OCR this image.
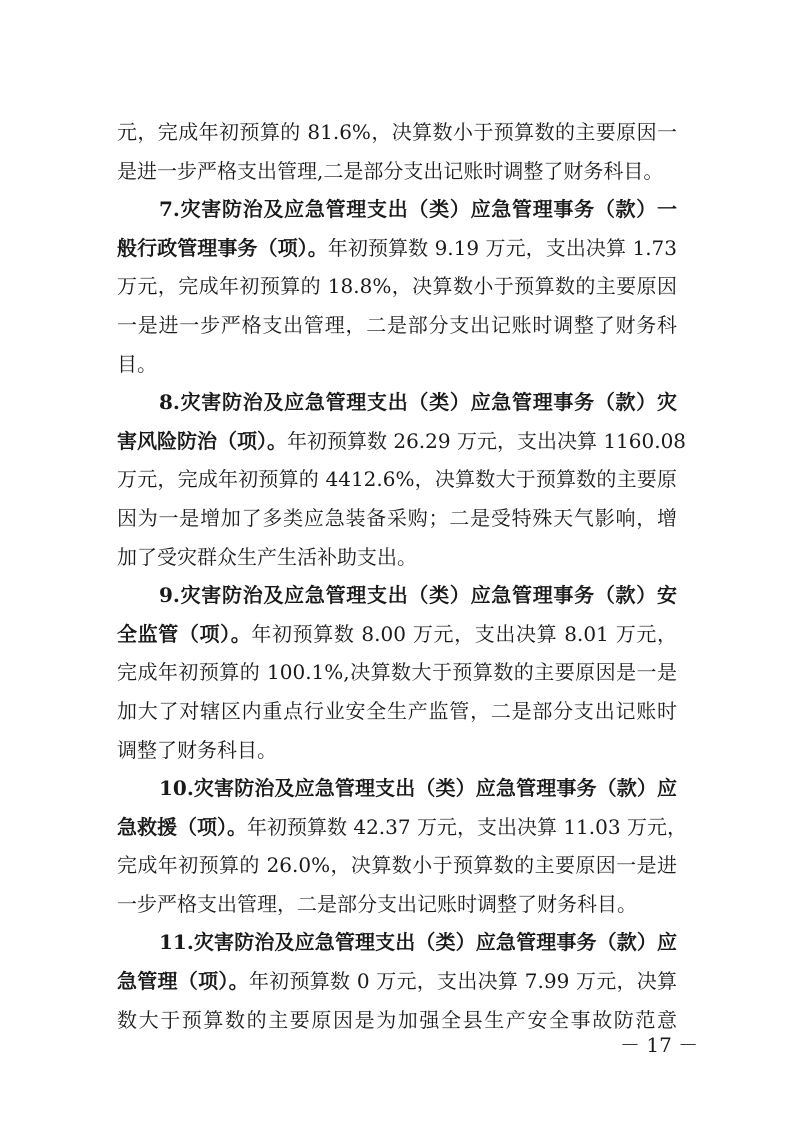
元，完成年初预算的 81.6%，决算数小于预算数的主要原因一
是进一步严格支出管理,二是部分支出记账时调整了财务科目。
7.灾害防治及应急管理支出（类）应急管理事务（款）一
般行政管理事务（项）。年初预算数 9.19 万元，支出决算 1.73
万元，完成年初预算的 18.8%，决算数小于预算数的主要原因
一是进一步严格支出管理，二是部分支出记账时调整了财务科
目。
8.灾害防治及应急管理支出（类）应急管理事务（款）灾
害风险防治（项）。年初预算数 26.29 万元，支出决算 1160.08
万元，完成年初预算的 4412.6%，决算数大于预算数的主要原
因为一是增加了多类应急装备采购；二是受特殊天气影响，增
加了受灾群众生产生活补助支出。
9.灾害防治及应急管理支出（类）应急管理事务（款）安
全监管（项）。年初预算数 8.00 万元，支出决算 8.01 万元，
完成年初预算的 100.1%,决算数大于预算数的主要原因是一是
加大了对辖区内重点行业安全生产监管，二是部分支出记账时
调整了财务科目。
10.灾害防治及应急管理支出（类）应急管理事务（款）应
急救援（项）。年初预算数 42.37 万元，支出决算 11.03 万元，
完成年初预算的 26.0%，决算数小于预算数的主要原因一是进
一步严格支出管理，二是部分支出记账时调整了财务科目。
11.灾害防治及应急管理支出（类）应急管理事务（款）应
急管理（项）。年初预算数 0 万元，支出决算 7.99 万元，决算
数大于预算数的主要原因是为加强全县生产安全事故防范意
－ 17 －
